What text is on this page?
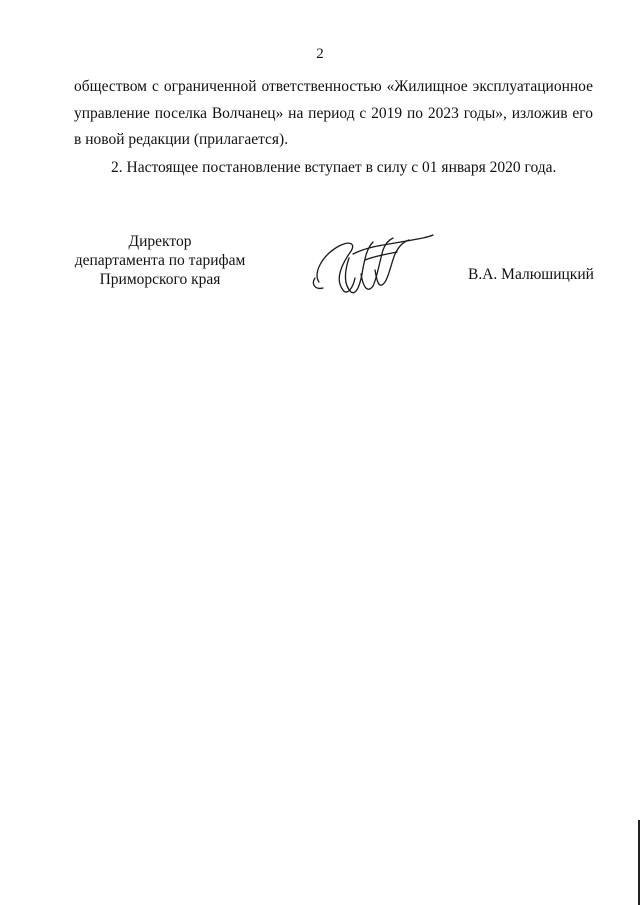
2

обществом с ограниченной ответственностью «Жилищное эксплуатационное управление поселка Волчанец» на период с 2019 по 2023 годы», изложив его в новой редакции (прилагается).

2. Настоящее постановление вступает в силу с 01 января 2020 года.

Директор
департамента по тарифам
Приморского края	В.А. Малюшицкий
